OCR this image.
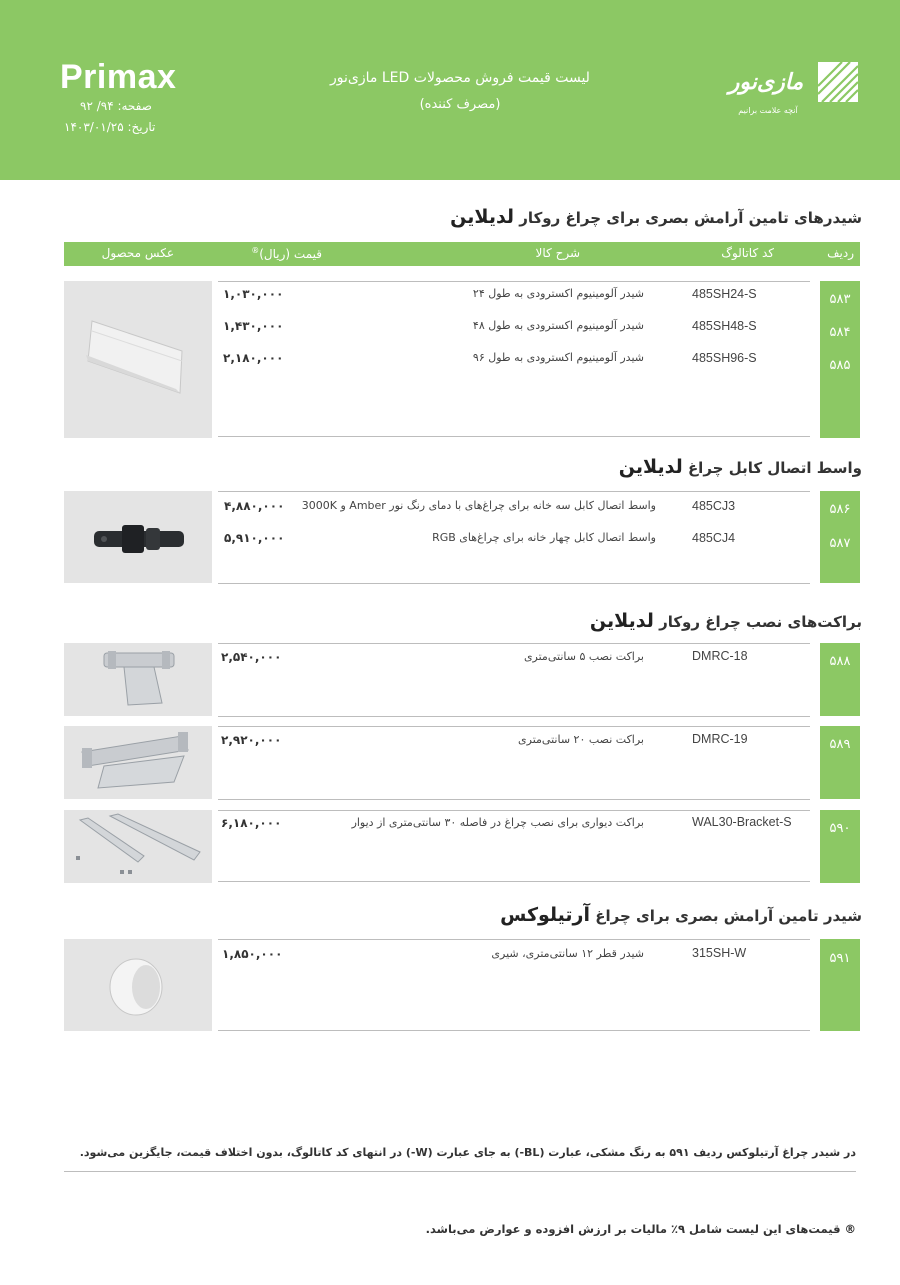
Primax
صفحه: ۹۴/ ۹۲
تاریخ: ۱۴۰۳/۰۱/۲۵
لیست قیمت فروش محصولات LED مازی‌نور
(مصرف کننده)
مازی‌نور
آنچه علامت برانیم
شیدرهای تامین آرامش بصری برای چراغ روکار لدیلاین
ردیف
کد کاتالوگ
شرح کالا
قیمت (ریال)®
عکس محصول
۵۸۳
۵۸۴
۵۸۵
485SH24-S
شیدر آلومینیوم اکسترودی به طول ۲۴
۱,۰۳۰,۰۰۰
485SH48-S
شیدر آلومینیوم اکسترودی به طول ۴۸
۱,۴۳۰,۰۰۰
485SH96-S
شیدر آلومینیوم اکسترودی به طول ۹۶
۲,۱۸۰,۰۰۰
واسط اتصال کابل چراغ لدیلاین
۵۸۶
۵۸۷
485CJ3
واسط اتصال کابل سه خانه برای چراغ‌های با دمای رنگ نور Amber و 3000K
۴,۸۸۰,۰۰۰
485CJ4
واسط اتصال کابل چهار خانه برای چراغ‌های RGB
۵,۹۱۰,۰۰۰
براکت‌های نصب چراغ روکار لدیلاین
۵۸۸
DMRC-18
براکت نصب ۵ سانتی‌متری
۲,۵۴۰,۰۰۰
۵۸۹
DMRC-19
براکت نصب ۲۰ سانتی‌متری
۲,۹۲۰,۰۰۰
۵۹۰
WAL30-Bracket-S
براکت دیواری برای نصب چراغ در فاصله ۳۰ سانتی‌متری از دیوار
۶,۱۸۰,۰۰۰
شیدر تامین آرامش بصری برای چراغ آرتیلوکس
۵۹۱
315SH-W
شیدر قطر ۱۲ سانتی‌متری، شیری
۱,۸۵۰,۰۰۰
در شیدر چراغ آرتیلوکس ردیف ۵۹۱ به رنگ مشکی، عبارت (BL-) به جای عبارت (W-) در انتهای کد کاتالوگ، بدون اختلاف قیمت، جایگزین می‌شود.
® قیمت‌های این لیست شامل ۹٪ مالیات بر ارزش افزوده و عوارض می‌باشد.
